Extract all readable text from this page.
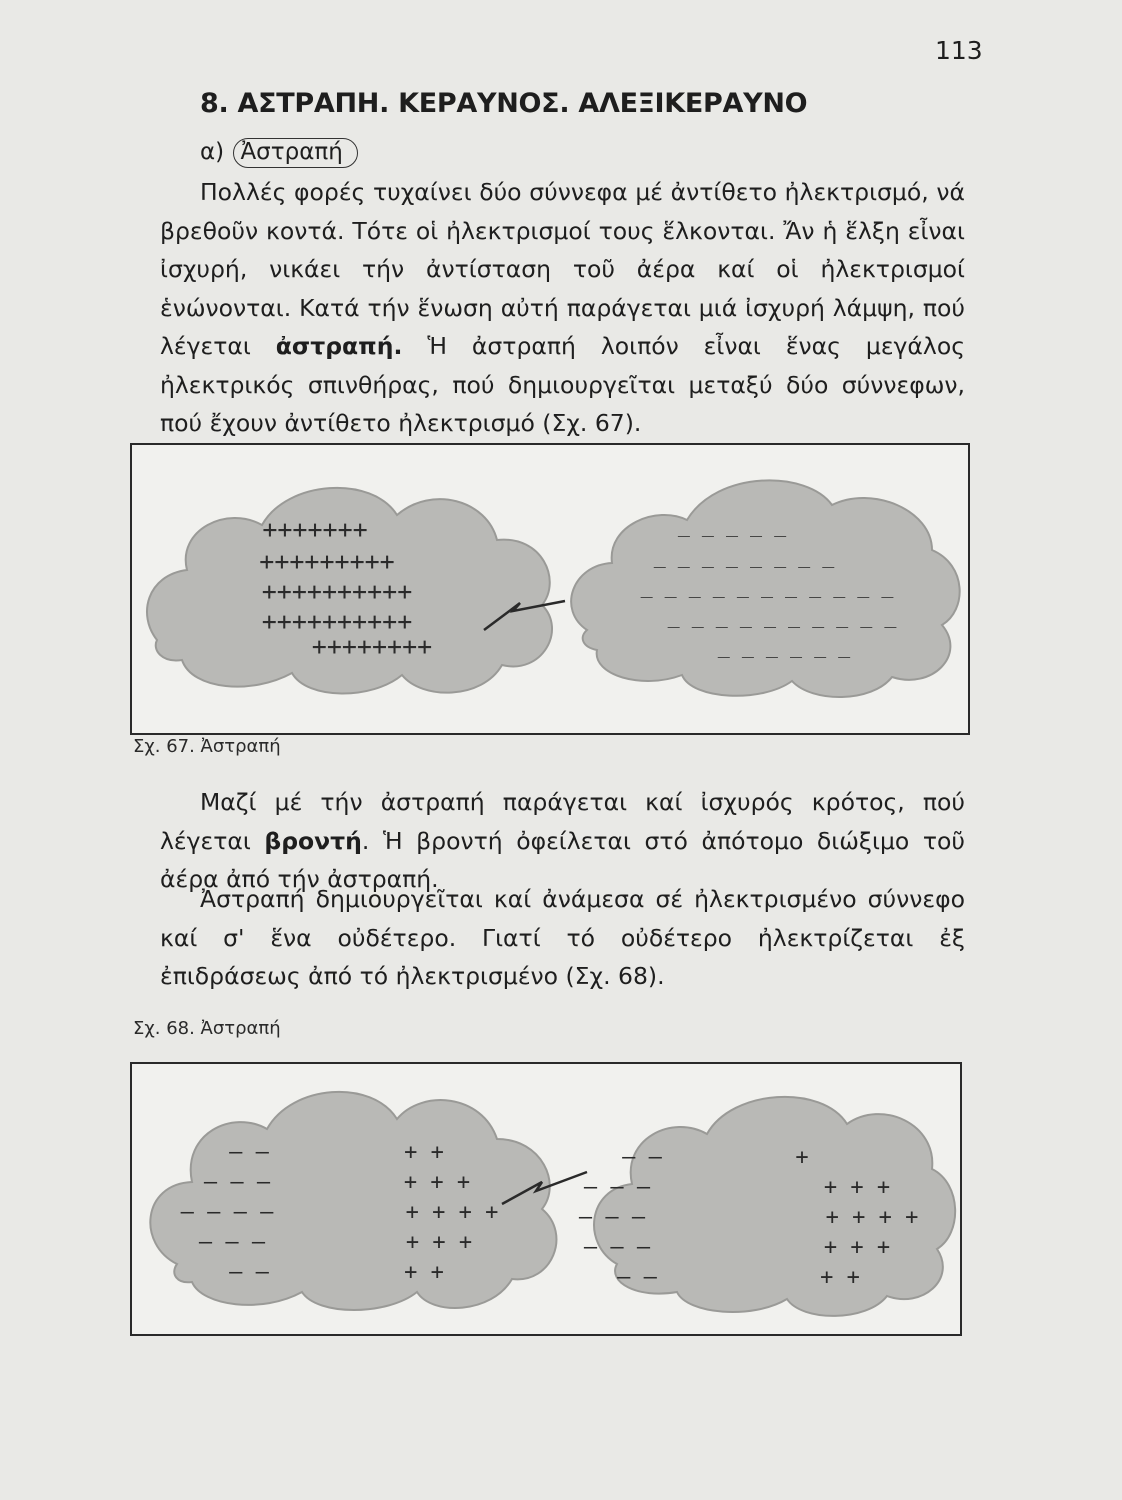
113
8. ΑΣΤΡΑΠΗ. ΚΕΡΑΥΝΟΣ. ΑΛΕΞΙΚΕΡΑΥΝΟ
α) Ἀστραπή

Πολλές φορές τυχαίνει δύο σύννεφα μέ ἀντίθετο ἠλεκτρισμό, νά βρεθοῦν κοντά. Τότε οἱ ἠλεκτρισμοί τους ἕλκονται. Ἄν ἡ ἕλξη εἶναι ἰσχυρή, νικάει τήν ἀντίσταση τοῦ ἀέρα καί οἱ ἠλεκτρισμοί ἑνώνονται. Κατά τήν ἕνωση αὐτή παράγεται μιά ἰσχυρή λάμψη, πού λέγεται ἀστραπή. Ἡ ἀστραπή λοιπόν εἶναι ἕνας μεγάλος ἠλεκτρικός σπινθήρας, πού δημιουργεῖται μεταξύ δύο σύννεφων, πού ἔχουν ἀντίθετο ἠλεκτρισμό (Σχ. 67).

+++++++
+++++++++
++++++++++
++++++++++
++++++++
_ _ _ _ _
_ _ _ _ _ _ _ _
_ _ _ _ _ _ _ _ _ _ _
_ _ _ _ _ _ _ _ _ _
_ _ _ _ _ _
Σχ. 67. Ἀστραπή

Μαζί μέ τήν ἀστραπή παράγεται καί ἰσχυρός κρότος, πού λέγεται βροντή. Ἡ βροντή ὀφείλεται στό ἀπότομο διώξιμο τοῦ ἀέρα ἀπό τήν ἀστραπή.

Ἀστραπή δημιουργεῖται καί ἀνάμεσα σέ ἠλεκτρισμένο σύννεφο καί σ' ἕνα οὐδέτερο. Γιατί τό οὐδέτερο ἠλεκτρίζεται ἐξ ἐπιδράσεως ἀπό τό ἠλεκτρισμένο (Σχ. 68).

Σχ. 68. Ἀστραπή
– –
– – –
– – – –
– – –
– –
+ +
+ + +
+ + + +
+ + +
+ +
– –
– – –
– – –
– – –
– –
+
+ + +
+ + + +
+ + +
+ +
